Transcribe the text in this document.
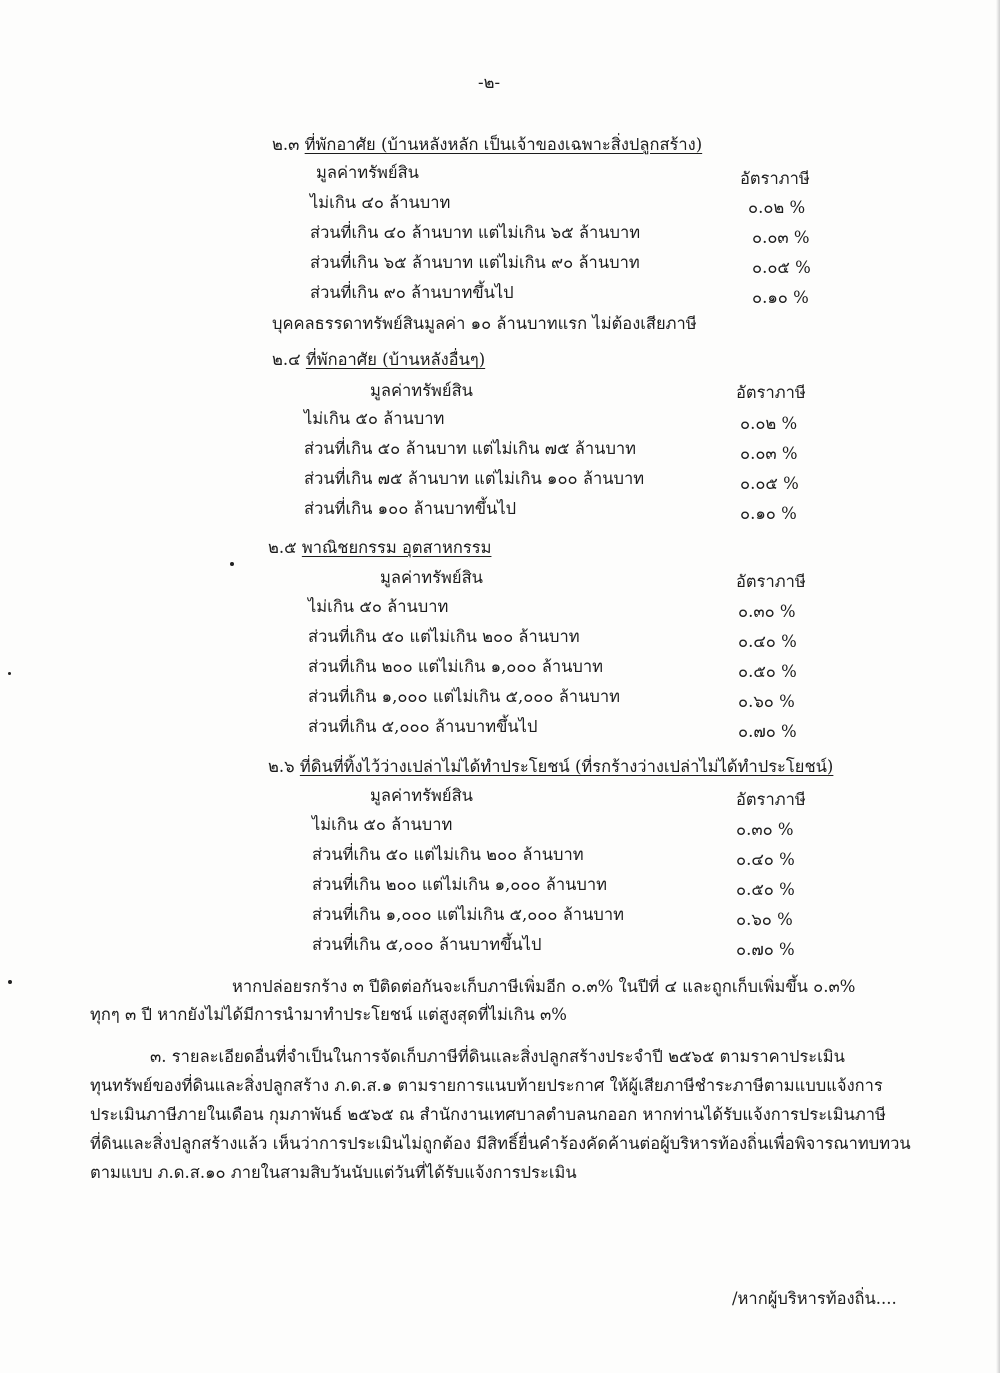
-๒-
๒.๓ ที่พักอาศัย (บ้านหลังหลัก เป็นเจ้าของเฉพาะสิ่งปลูกสร้าง)
มูลค่าทรัพย์สิน	อัตราภาษี
ไม่เกิน ๔๐ ล้านบาท	๐.๐๒ %
ส่วนที่เกิน ๔๐ ล้านบาท แต่ไม่เกิน ๖๕ ล้านบาท	๐.๐๓ %
ส่วนที่เกิน ๖๕ ล้านบาท แต่ไม่เกิน ๙๐ ล้านบาท	๐.๐๕ %
ส่วนที่เกิน ๙๐ ล้านบาทขึ้นไป	๐.๑๐ %
บุคคลธรรดาทรัพย์สินมูลค่า ๑๐ ล้านบาทแรก ไม่ต้องเสียภาษี
๒.๔ ที่พักอาศัย (บ้านหลังอื่นๆ)
มูลค่าทรัพย์สิน	อัตราภาษี
ไม่เกิน ๕๐ ล้านบาท	๐.๐๒ %
ส่วนที่เกิน ๕๐ ล้านบาท แต่ไม่เกิน ๗๕ ล้านบาท	๐.๐๓ %
ส่วนที่เกิน ๗๕ ล้านบาท แต่ไม่เกิน ๑๐๐ ล้านบาท	๐.๐๕ %
ส่วนที่เกิน ๑๐๐ ล้านบาทขึ้นไป	๐.๑๐ %
๒.๕ พาณิชยกรรม อุตสาหกรรม
มูลค่าทรัพย์สิน	อัตราภาษี
ไม่เกิน ๕๐ ล้านบาท	๐.๓๐ %
ส่วนที่เกิน ๕๐ แต่ไม่เกิน ๒๐๐ ล้านบาท	๐.๔๐ %
ส่วนที่เกิน ๒๐๐ แต่ไม่เกิน ๑,๐๐๐ ล้านบาท	๐.๕๐ %
ส่วนที่เกิน ๑,๐๐๐ แต่ไม่เกิน ๕,๐๐๐ ล้านบาท	๐.๖๐ %
ส่วนที่เกิน ๕,๐๐๐ ล้านบาทขึ้นไป	๐.๗๐ %
๒.๖ ที่ดินที่ทิ้งไว้ว่างเปล่าไม่ได้ทำประโยชน์ (ที่รกร้างว่างเปล่าไม่ได้ทำประโยชน์)
มูลค่าทรัพย์สิน	อัตราภาษี
ไม่เกิน ๕๐ ล้านบาท	๐.๓๐ %
ส่วนที่เกิน ๕๐ แต่ไม่เกิน ๒๐๐ ล้านบาท	๐.๔๐ %
ส่วนที่เกิน ๒๐๐ แต่ไม่เกิน ๑,๐๐๐ ล้านบาท	๐.๕๐ %
ส่วนที่เกิน ๑,๐๐๐ แต่ไม่เกิน ๕,๐๐๐ ล้านบาท	๐.๖๐ %
ส่วนที่เกิน ๕,๐๐๐ ล้านบาทขึ้นไป	๐.๗๐ %
หากปล่อยรกร้าง ๓ ปีติดต่อกันจะเก็บภาษีเพิ่มอีก ๐.๓% ในปีที่ ๔ และถูกเก็บเพิ่มขึ้น ๐.๓%
ทุกๆ ๓ ปี หากยังไม่ได้มีการนำมาทำประโยชน์ แต่สูงสุดที่ไม่เกิน ๓%
๓. รายละเอียดอื่นที่จำเป็นในการจัดเก็บภาษีที่ดินและสิ่งปลูกสร้างประจำปี ๒๕๖๕ ตามราคาประเมิน
ทุนทรัพย์ของที่ดินและสิ่งปลูกสร้าง ภ.ด.ส.๑ ตามรายการแนบท้ายประกาศ ให้ผู้เสียภาษีชำระภาษีตามแบบแจ้งการ
ประเมินภาษีภายในเดือน กุมภาพันธ์ ๒๕๖๕ ณ สำนักงานเทศบาลตำบลนกออก หากท่านได้รับแจ้งการประเมินภาษี
ที่ดินและสิ่งปลูกสร้างแล้ว เห็นว่าการประเมินไม่ถูกต้อง มีสิทธิ์ยื่นคำร้องคัดค้านต่อผู้บริหารท้องถิ่นเพื่อพิจารณาทบทวน
ตามแบบ ภ.ด.ส.๑๐ ภายในสามสิบวันนับแต่วันที่ได้รับแจ้งการประเมิน
/หากผู้บริหารท้องถิ่น....
